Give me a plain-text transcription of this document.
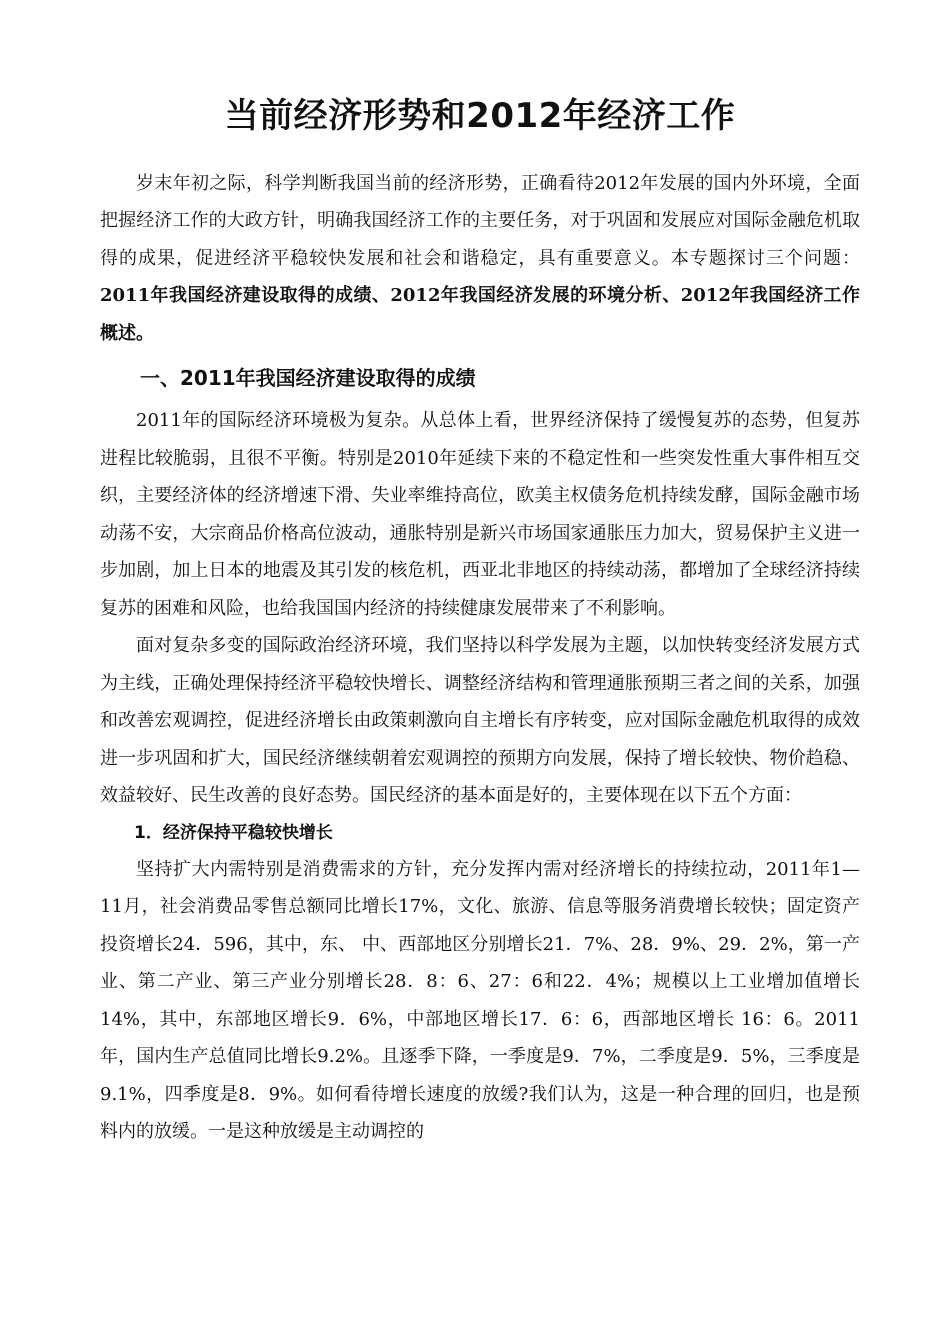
当前经济形势和2012年经济工作

岁末年初之际，科学判断我国当前的经济形势，正确看待2012年发展的国内外环境，全面把握经济工作的大政方针，明确我国经济工作的主要任务，对于巩固和发展应对国际金融危机取得的成果，促进经济平稳较快发展和社会和谐稳定，具有重要意义。本专题探讨三个问题：2011年我国经济建设取得的成绩、2012年我国经济发展的环境分析、2012年我国经济工作概述。

一、2011年我国经济建设取得的成绩

2011年的国际经济环境极为复杂。从总体上看，世界经济保持了缓慢复苏的态势，但复苏进程比较脆弱，且很不平衡。特别是2010年延续下来的不稳定性和一些突发性重大事件相互交织，主要经济体的经济增速下滑、失业率维持高位，欧美主权债务危机持续发酵，国际金融市场动荡不安，大宗商品价格高位波动，通胀特别是新兴市场国家通胀压力加大，贸易保护主义进一步加剧，加上日本的地震及其引发的核危机，西亚北非地区的持续动荡，都增加了全球经济持续复苏的困难和风险，也给我国国内经济的持续健康发展带来了不利影响。

面对复杂多变的国际政治经济环境，我们坚持以科学发展为主题，以加快转变经济发展方式为主线，正确处理保持经济平稳较快增长、调整经济结构和管理通胀预期三者之间的关系，加强和改善宏观调控，促进经济增长由政策刺激向自主增长有序转变，应对国际金融危机取得的成效进一步巩固和扩大，国民经济继续朝着宏观调控的预期方向发展，保持了增长较快、物价趋稳、效益较好、民生改善的良好态势。国民经济的基本面是好的，主要体现在以下五个方面：

1．经济保持平稳较快增长

坚持扩大内需特别是消费需求的方针，充分发挥内需对经济增长的持续拉动，2011年1—11月，社会消费品零售总额同比增长17%，文化、旅游、信息等服务消费增长较快；固定资产投资增长24．596，其中，东、 中、西部地区分别增长21．7%、28．9%、29．2%，第一产业、第二产业、第三产业分别增长28．8：6、27：6和22．4%；规模以上工业增加值增长14%，其中，东部地区增长9．6%，中部地区增长17．6：6，西部地区增长 16：6。2011年，国内生产总值同比增长9.2%。且逐季下降，一季度是9．7%，二季度是9．5%，三季度是9.1%，四季度是8．9%。如何看待增长速度的放缓?我们认为，这是一种合理的回归，也是预料内的放缓。一是这种放缓是主动调控的
